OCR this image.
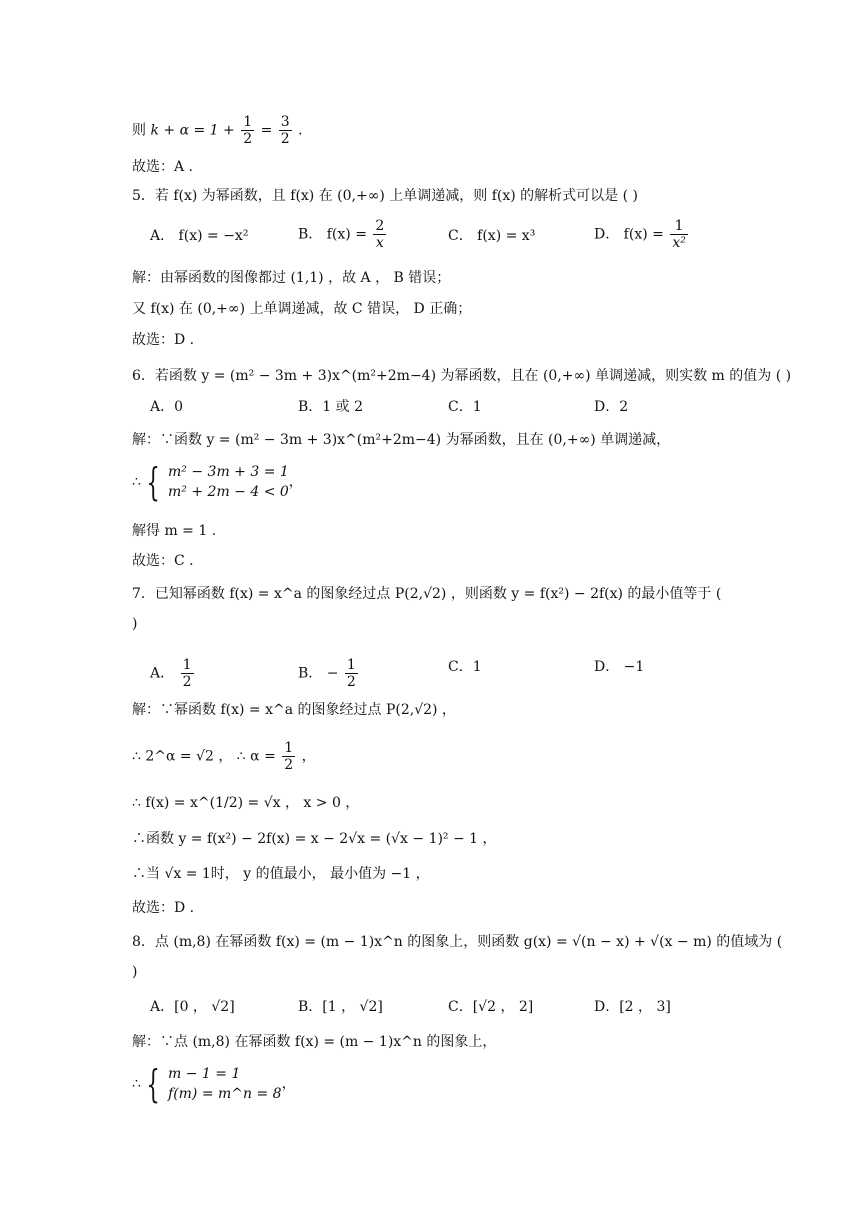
则 $k + \alpha = 1 + \frac{1}{2} = \frac{3}{2}$ .
故选：A .
5．若 f(x) 为幂函数，且 f(x) 在 (0,+∞) 上单调递减，则 f(x) 的解析式可以是 ( )
A． f(x) = −x²	B． $f(x) = \frac{2}{x}$	C． f(x) = x³	D． $f(x) = \frac{1}{\text{x²}}$
解：由幂函数的图像都过 (1,1) ，故 A ， B 错误；
又 f(x) 在 (0,+∞) 上单调递减，故 C 错误， D 正确；
故选：D .
6．若函数 y = (m² − 3m + 3)x^(m²+2m−4) 为幂函数，且在 (0,+∞) 单调递减，则实数 m 的值为 ( )
A．0	B．1 或 2	C．1	D．2
解：∵函数 y = (m² − 3m + 3)x^(m²+2m−4) 为幂函数，且在 (0,+∞) 单调递减，
∴ { m² − 3m + 3 = 1
m² + 2m − 4 < 0
，
解得 m = 1 .
故选：C .
7．已知幂函数 f(x) = x^a 的图象经过点 P(2,√2) ，则函数 y = f(x²) − 2f(x) 的最小值等于 (
)
A． $\frac{1}{2}$	B． − $\frac{1}{2}$	C．1	D． −1
解：∵幂函数 f(x) = x^a 的图象经过点 P(2,√2) ，
∴ 2^α = √2 ， ∴ $\alpha = \frac{1}{2}$ ，
∴ f(x) = x^(1/2) = √x ， x > 0 ，
∴函数 y = f(x²) − 2f(x) = x − 2√x = (√x − 1)² − 1 ，
∴当 √x = 1时， y 的值最小， 最小值为 −1 ，
故选：D .
8．点 (m,8) 在幂函数 f(x) = (m − 1)x^n 的图象上，则函数 g(x) = √(n − x) + √(x − m) 的值域为 (
)
A．[0 ， √2]	B．[1 ， √2]	C．[√2 ， 2]	D．[2 ， 3]
解：∵点 (m,8) 在幂函数 f(x) = (m − 1)x^n 的图象上，
∴ { m − 1 = 1
f(m) = m^n = 8
，
